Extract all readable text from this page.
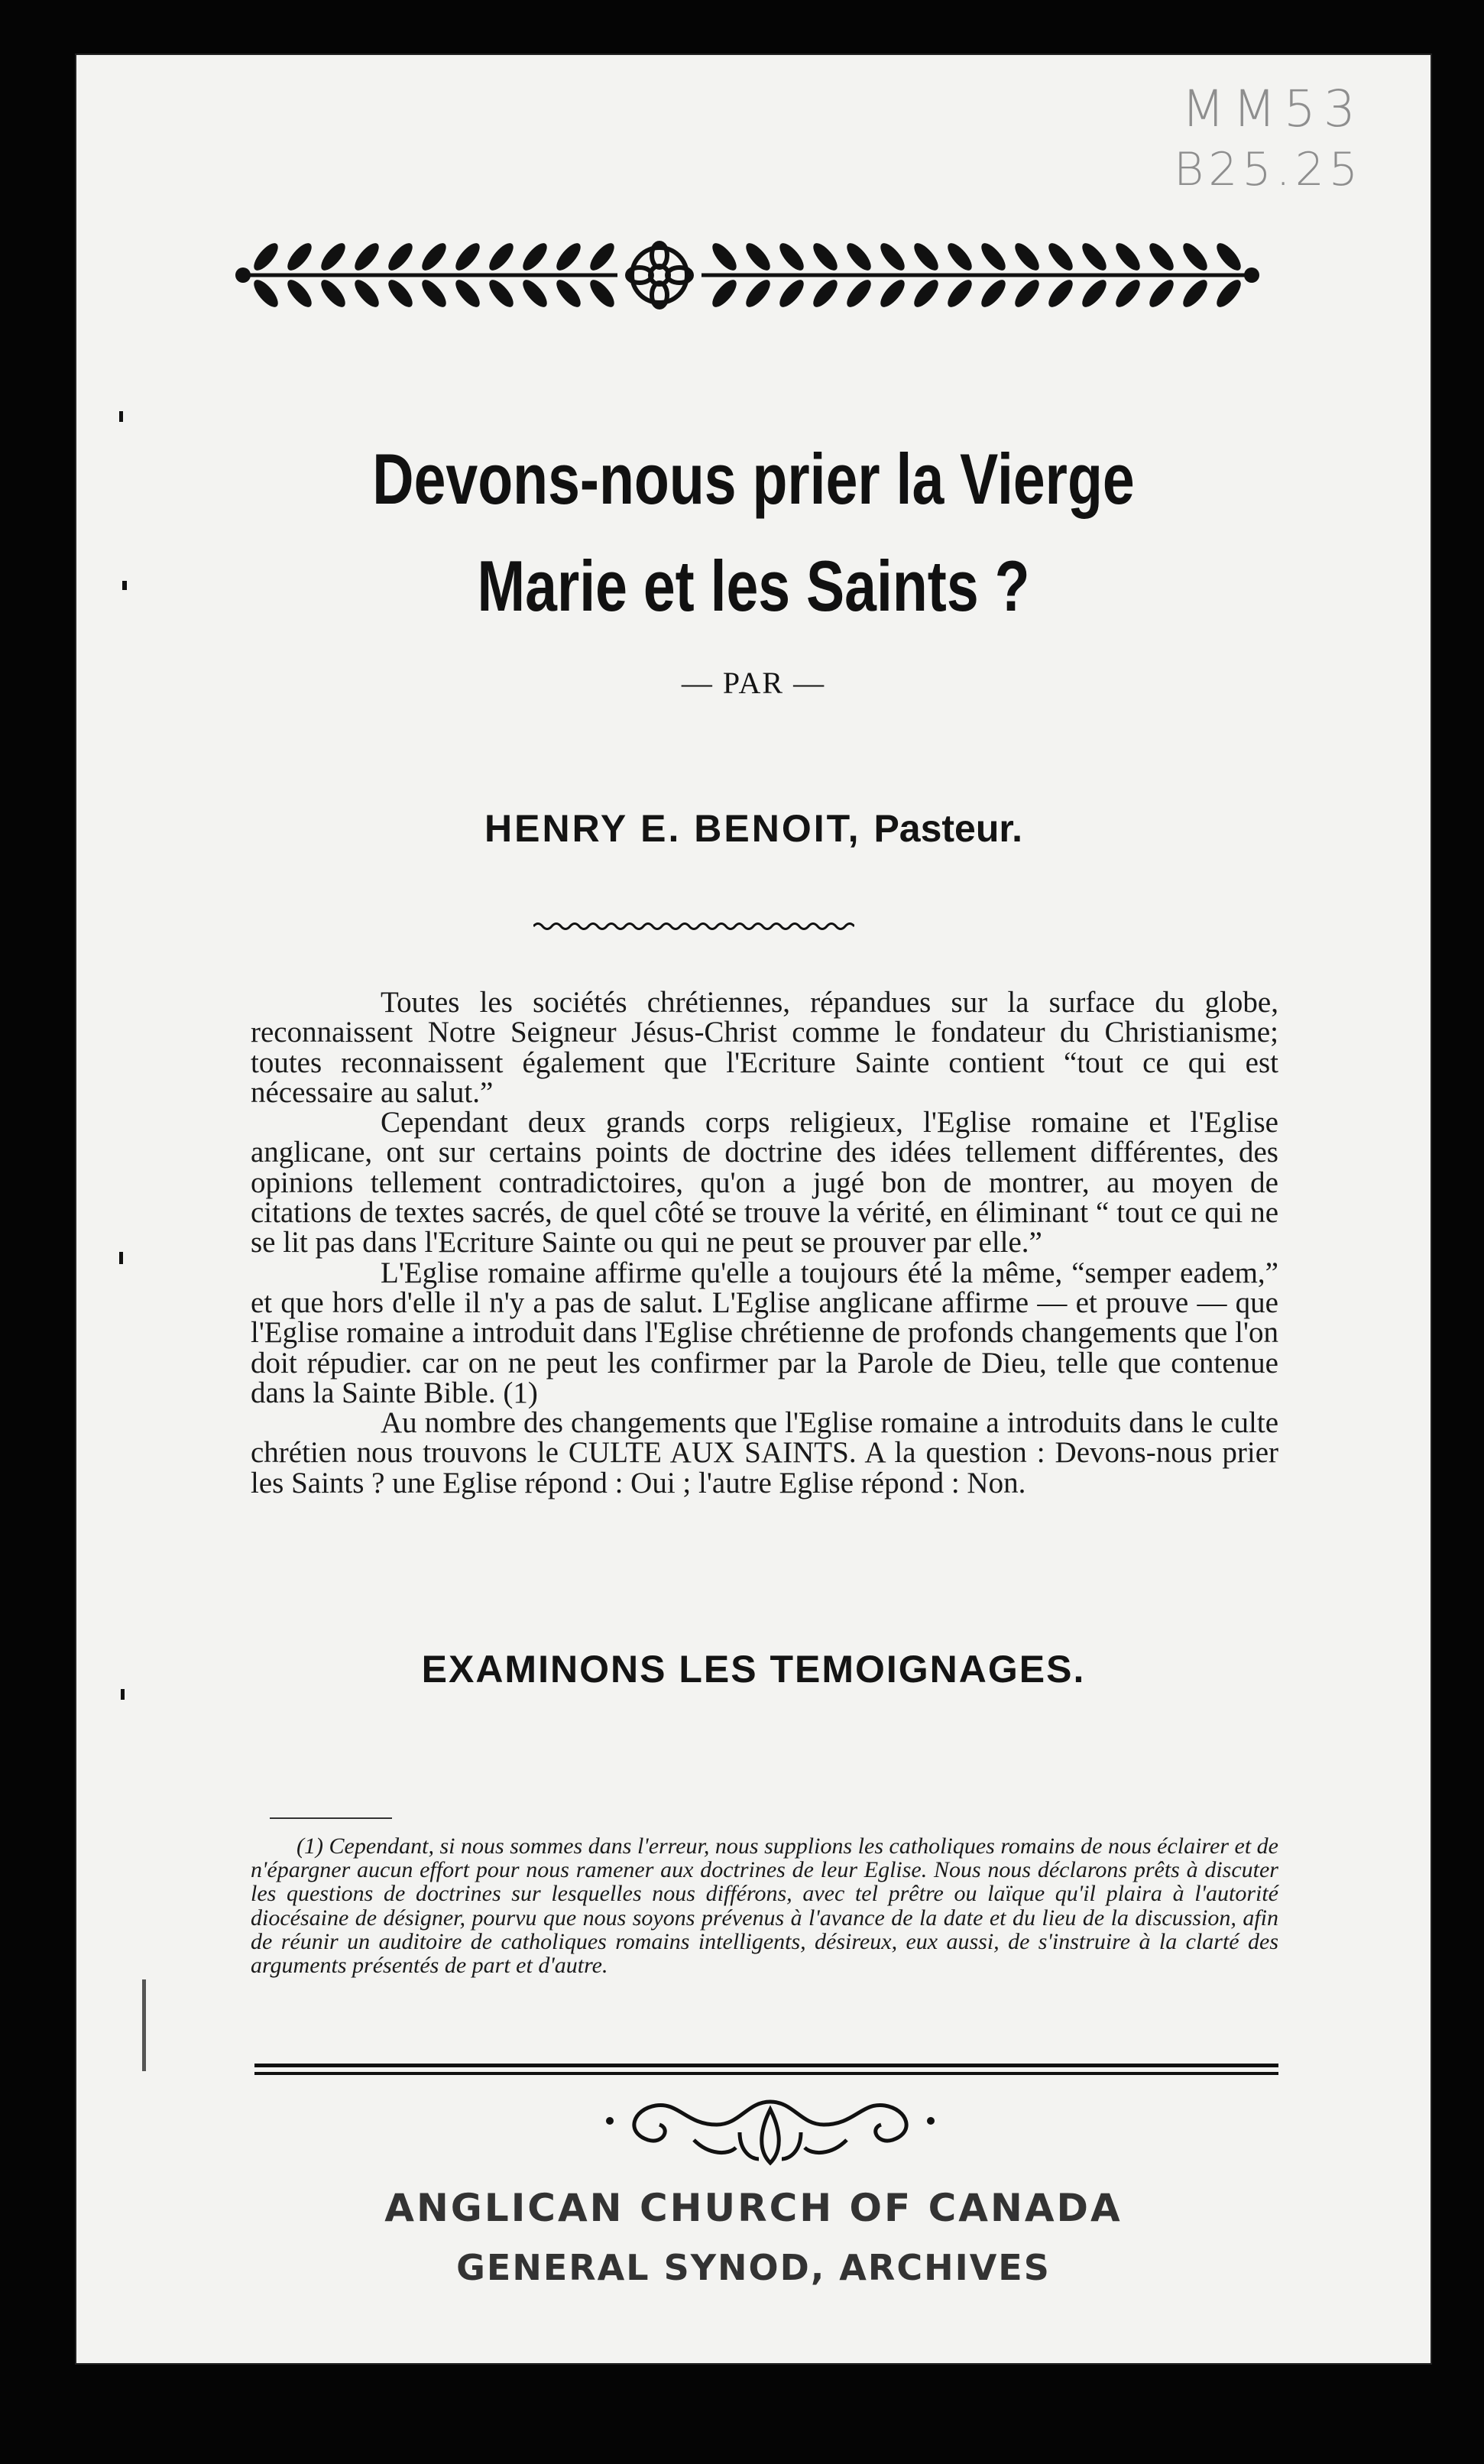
MM53
B25.25
Devons-nous prier la Vierge
Marie et les Saints ?
— PAR —
HENRY E. BENOIT, Pasteur.

Toutes les sociétés chrétiennes, répandues sur la surface du globe, reconnaissent Notre Seigneur Jésus-Christ comme le fondateur du Christianisme; toutes reconnaissent également que l'Ecriture Sainte contient “tout ce qui est nécessaire au salut.”

Cependant deux grands corps religieux, l'Eglise romaine et l'Eglise anglicane, ont sur certains points de doctrine des idées tellement différentes, des opinions tellement contradictoires, qu'on a jugé bon de montrer, au moyen de citations de textes sacrés, de quel côté se trouve la vérité, en éliminant “ tout ce qui ne se lit pas dans l'Ecriture Sainte ou qui ne peut se prouver par elle.”

L'Eglise romaine affirme qu'elle a toujours été la même, “semper eadem,” et que hors d'elle il n'y a pas de salut. L'Eglise anglicane affirme — et prouve — que l'Eglise romaine a introduit dans l'Eglise chrétienne de profonds changements que l'on doit répudier. car on ne peut les confirmer par la Parole de Dieu, telle que contenue dans la Sainte Bible. (1)

Au nombre des changements que l'Eglise romaine a introduits dans le culte chrétien nous trouvons le CULTE AUX SAINTS. A la question : Devons-nous prier les Saints ? une Eglise répond : Oui ; l'autre Eglise répond : Non.

EXAMINONS LES TEMOIGNAGES.

(1) Cependant, si nous sommes dans l'erreur, nous supplions les catholiques romains de nous éclairer et de n'épargner aucun effort pour nous ramener aux doctrines de leur Eglise. Nous nous déclarons prêts à discuter les questions de doctrines sur lesquelles nous différons, avec tel prêtre ou laïque qu'il plaira à l'autorité diocésaine de désigner, pourvu que nous soyons prévenus à l'avance de la date et du lieu de la discussion, afin de réunir un auditoire de catholiques romains intelligents, désireux, eux aussi, de s'instruire à la clarté des arguments présentés de part et d'autre.

ANGLICAN CHURCH OF CANADA
GENERAL SYNOD, ARCHIVES
